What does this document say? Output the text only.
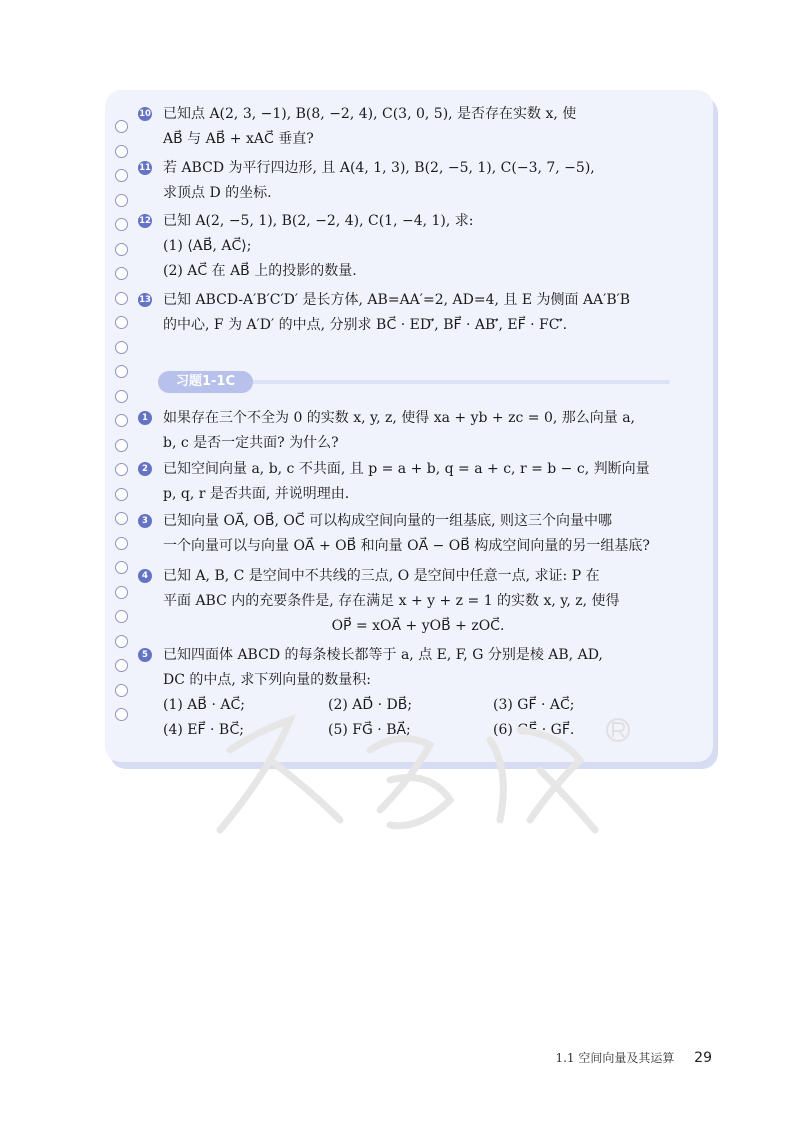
10 已知点 A(2, 3, −1), B(8, −2, 4), C(3, 0, 5), 是否存在实数 x, 使
AB⃗ 与 AB⃗ + xAC⃗ 垂直?
11 若 ABCD 为平行四边形, 且 A(4, 1, 3), B(2, −5, 1), C(−3, 7, −5),
求顶点 D 的坐标.
12 已知 A(2, −5, 1), B(2, −2, 4), C(1, −4, 1), 求:
(1) ⟨AB⃗, AC⃗⟩;
(2) AC⃗ 在 AB⃗ 上的投影的数量.
13 已知 ABCD-A′B′C′D′ 是长方体, AB=AA′=2, AD=4, 且 E 为侧面 AA′B′B
的中心, F 为 A′D′ 的中点, 分别求 BC⃗ · ED′⃗, BF⃗ · AB′⃗, EF⃗ · FC′⃗.
习题1-1C
1	如果存在三个不全为 0 的实数 x, y, z, 使得 xa + yb + zc = 0, 那么向量 a,
b, c 是否一定共面? 为什么?
2	已知空间向量 a, b, c 不共面, 且 p = a + b, q = a + c, r = b − c, 判断向量
p, q, r 是否共面, 并说明理由.
3	已知向量 OA⃗, OB⃗, OC⃗ 可以构成空间向量的一组基底, 则这三个向量中哪
一个向量可以与向量 OA⃗ + OB⃗ 和向量 OA⃗ − OB⃗ 构成空间向量的另一组基底?
4	已知 A, B, C 是空间中不共线的三点, O 是空间中任意一点, 求证: P 在
平面 ABC 内的充要条件是, 存在满足 x + y + z = 1 的实数 x, y, z, 使得
OP⃗ = xOA⃗ + yOB⃗ + zOC⃗.
5	已知四面体 ABCD 的每条棱长都等于 a, 点 E, F, G 分别是棱 AB, AD,
DC 的中点, 求下列向量的数量积:
(1) AB⃗ · AC⃗;	(2) AD⃗ · DB⃗;	(3) GF⃗ · AC⃗;
(4) EF⃗ · BC⃗;	(5) FG⃗ · BA⃗;	(6) GE⃗ · GF⃗.
1.1 空间向量及其运算 29
